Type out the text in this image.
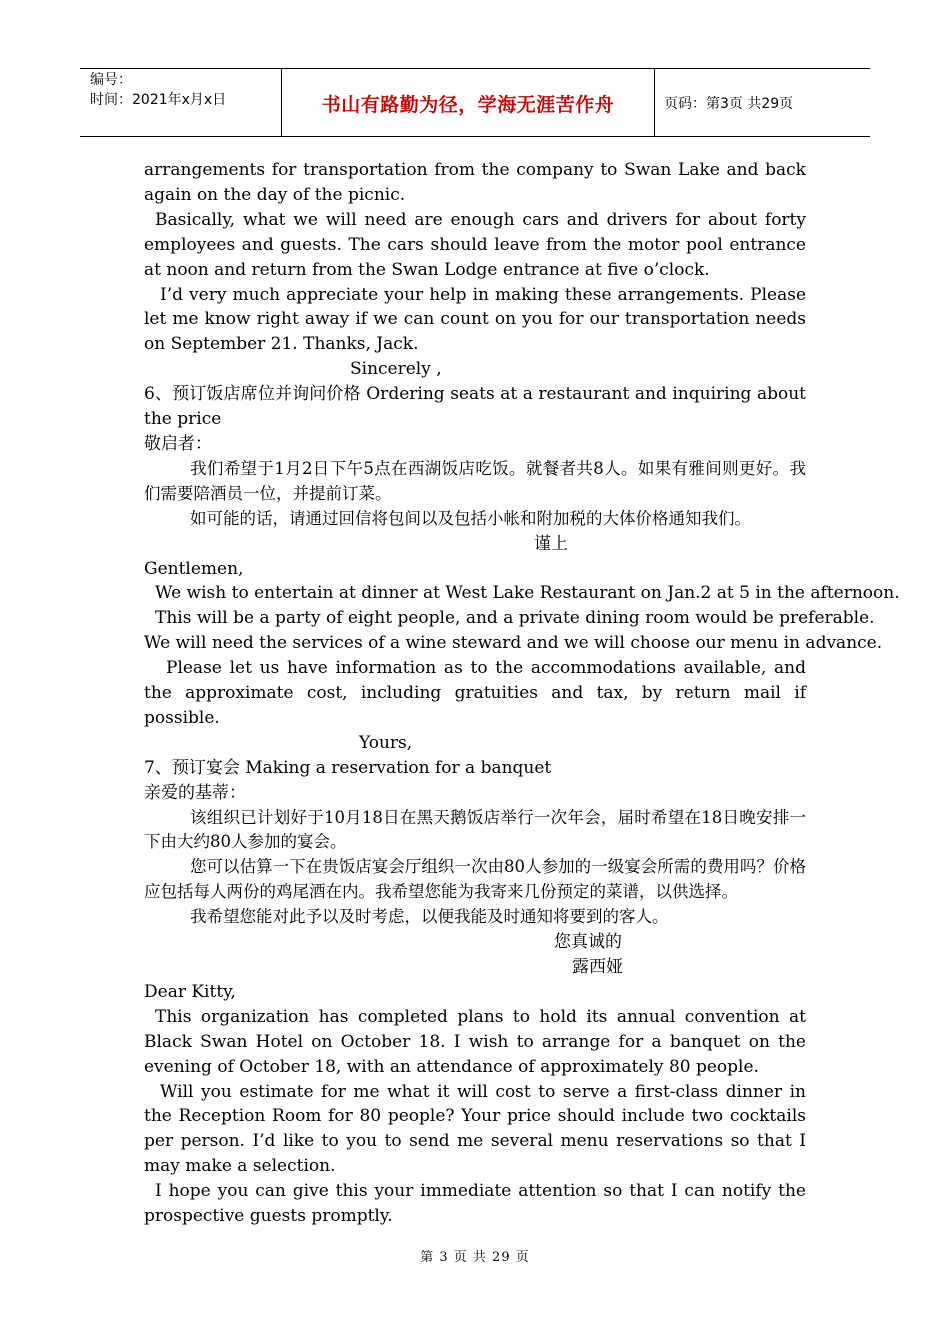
编号：
时间：2021年x月x日	书山有路勤为径，学海无涯苦作舟	页码：第3页 共29页

arrangements for transportation from the company to Swan Lake and back again on the day of the picnic.

Basically, what we will need are enough cars and drivers for about forty employees and guests. The cars should leave from the motor pool entrance at noon and return from the Swan Lodge entrance at five o’clock.

I’d very much appreciate your help in making these arrangements. Please let me know right away if we can count on you for our transportation needs on September 21. Thanks, Jack.

Sincerely ,

6、预订饭店席位并询问价格 Ordering seats at a restaurant and inquiring about the price

敬启者：

我们希望于1月2日下午5点在西湖饭店吃饭。就餐者共8人。如果有雅间则更好。我们需要陪酒员一位，并提前订菜。

如可能的话，请通过回信将包间以及包括小帐和附加税的大体价格通知我们。

谨上

Gentlemen,

We wish to entertain at dinner at West Lake Restaurant on Jan.2 at 5 in the afternoon.

This will be a party of eight people, and a private dining room would be preferable.

We will need the services of a wine steward and we will choose our menu in advance.

Please let us have information as to the accommodations available, and the approximate cost, including gratuities and tax, by return mail if possible.

Yours,

7、预订宴会 Making a reservation for a banquet

亲爱的基蒂：

该组织已计划好于10月18日在黑天鹅饭店举行一次年会，届时希望在18日晚安排一下由大约80人参加的宴会。

您可以估算一下在贵饭店宴会厅组织一次由80人参加的一级宴会所需的费用吗？价格应包括每人两份的鸡尾酒在内。我希望您能为我寄来几份预定的菜谱，以供选择。

我希望您能对此予以及时考虑，以便我能及时通知将要到的客人。

您真诚的

露西娅

Dear Kitty,

This organization has completed plans to hold its annual convention at Black Swan Hotel on October 18. I wish to arrange for a banquet on the evening of October 18, with an attendance of approximately 80 people.

Will you estimate for me what it will cost to serve a first-class dinner in the Reception Room for 80 people? Your price should include two cocktails per person. I’d like to you to send me several menu reservations so that I may make a selection.

I hope you can give this your immediate attention so that I can notify the prospective guests promptly.

第 3 页 共 29 页
